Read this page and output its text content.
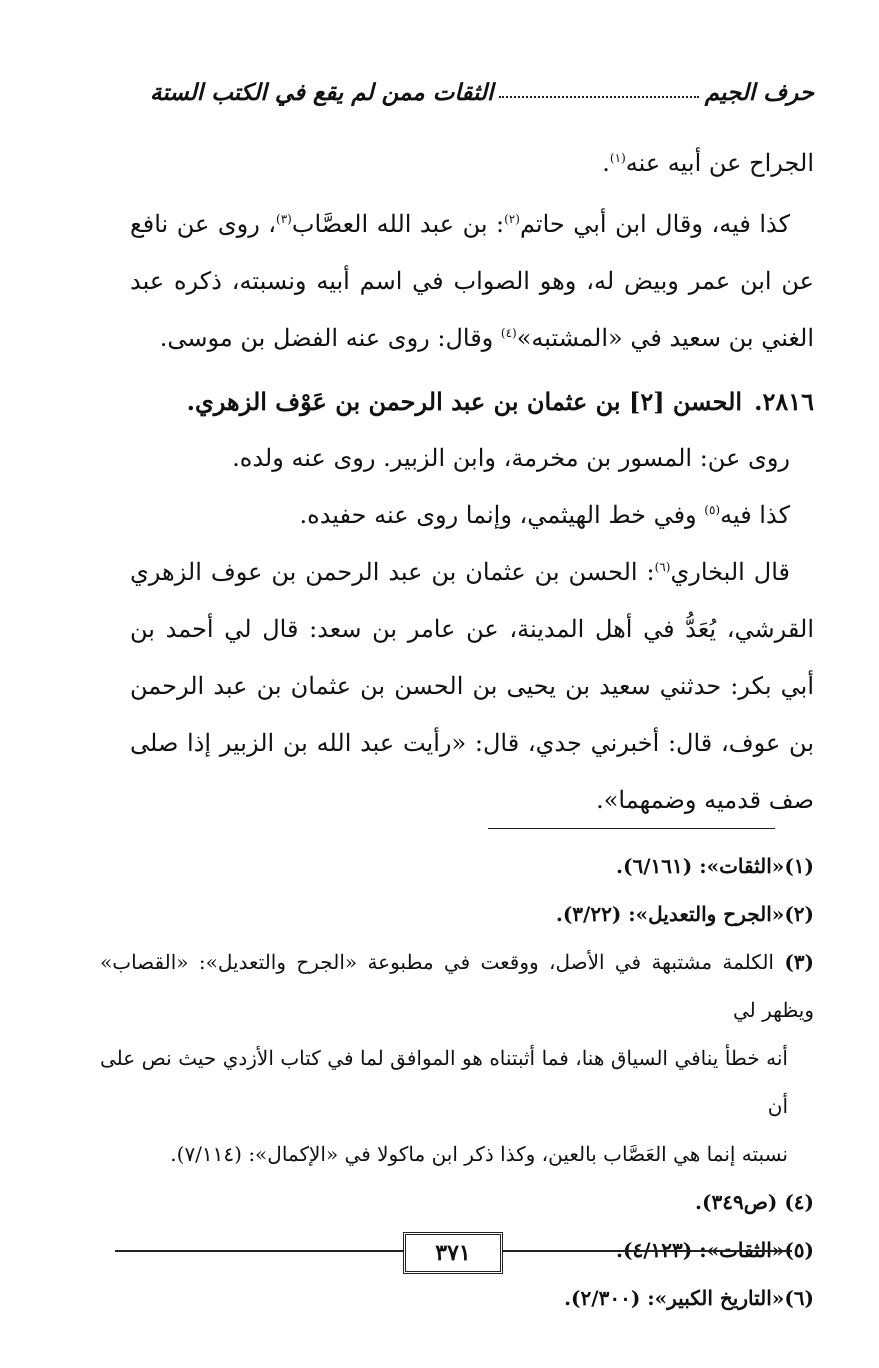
حرف الجيم
الثقات ممن لم يقع في الكتب الستة

الجراح عن أبيه عنه$^{(١)}$.

كذا فيه، وقال ابن أبي حاتم$^{(٢)}$: بن عبد الله العصَّاب$^{(٣)}$، روى عن نافع عن ابن عمر وبيض له، وهو الصواب في اسم أبيه ونسبته، ذكره عبد الغني بن سعيد في «المشتبه»$^{(٤)}$ وقال: روى عنه الفضل بن موسى.

٢٨١٦.الحسن [٢] بن عثمان بن عبد الرحمن بن عَوْف الزهري.

روى عن: المسور بن مخرمة، وابن الزبير. روى عنه ولده.

كذا فيه$^{(٥)}$ وفي خط الهيثمي، وإنما روى عنه حفيده.

قال البخاري$^{(٦)}$: الحسن بن عثمان بن عبد الرحمن بن عوف الزهري القرشي، يُعَدُّ في أهل المدينة، عن عامر بن سعد: قال لي أحمد بن أبي بكر: حدثني سعيد بن يحيى بن الحسن بن عثمان بن عبد الرحمن بن عوف، قال: أخبرني جدي، قال: «رأيت عبد الله بن الزبير إذا صلى صف قدميه وضمهما».

(١)«الثقات»: (٦/١٦١).

(٢)«الجرح والتعديل»: (٣/٢٢).

(٣) الكلمة مشتبهة في الأصل، ووقعت في مطبوعة «الجرح والتعديل»: «القصاب» ويظهر لي

أنه خطأ ينافي السياق هنا، فما أثبتناه هو الموافق لما في كتاب الأزدي حيث نص على أن

نسبته إنما هي العَصَّاب بالعين، وكذا ذكر ابن ماكولا في «الإكمال»: (٧/١١٤).

(٤) (ص٣٤٩).

(٥)«الثقات»: (٤/١٢٣).

(٦)«التاريخ الكبير»: (٢/٣٠٠).

٣٧١
